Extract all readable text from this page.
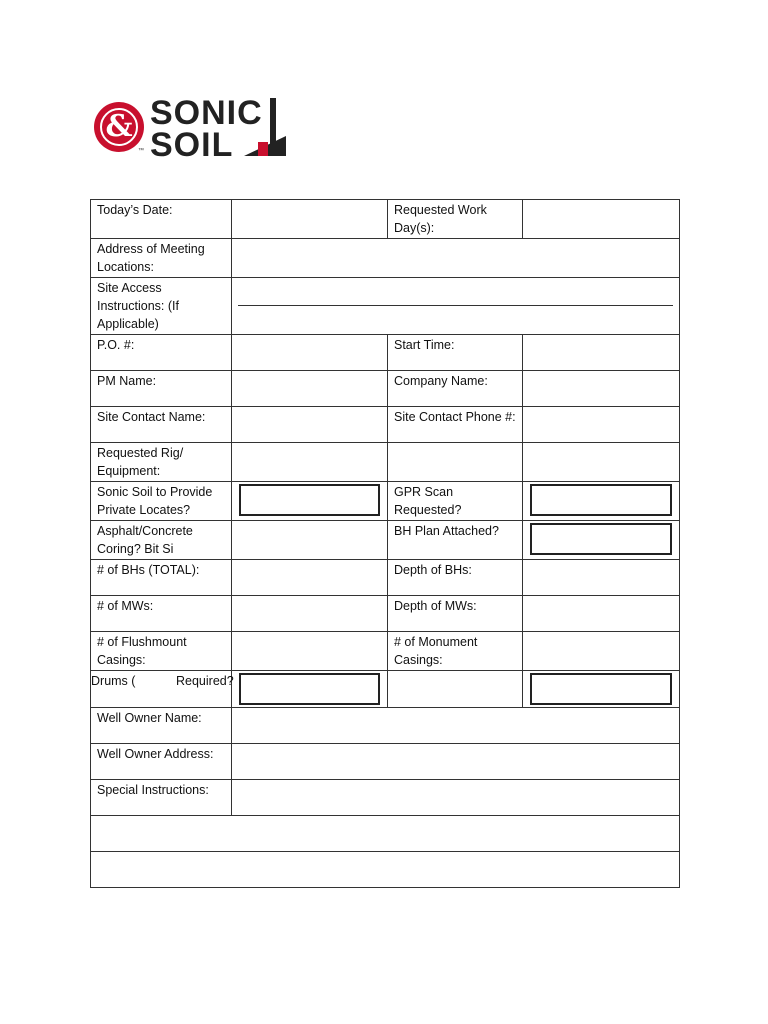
&
™
SONIC
SOIL
Today’s Date:		Requested Work Day(s):	
Address of Meeting Locations:			
Site Access Instructions: (If Applicable)			

P.O. #:		Start Time:	
PM Name:		Company Name:	
Site Contact Name:		Site Contact Phone #:	
Requested Rig/ Equipment:			
Sonic Soil to Provide Private Locates?		GPR Scan Requested?	

Asphalt/Concrete Coring? Bit Si		BH Plan Attached?	

# of BHs (TOTAL):		Depth of BHs:	
# of MWs:		Depth of MWs:	
# of Flushmount Casings:		# of Monument Casings:	
Drums ( Required?			

Well Owner Name:			
Well Owner Address:			
Special Instructions:			
